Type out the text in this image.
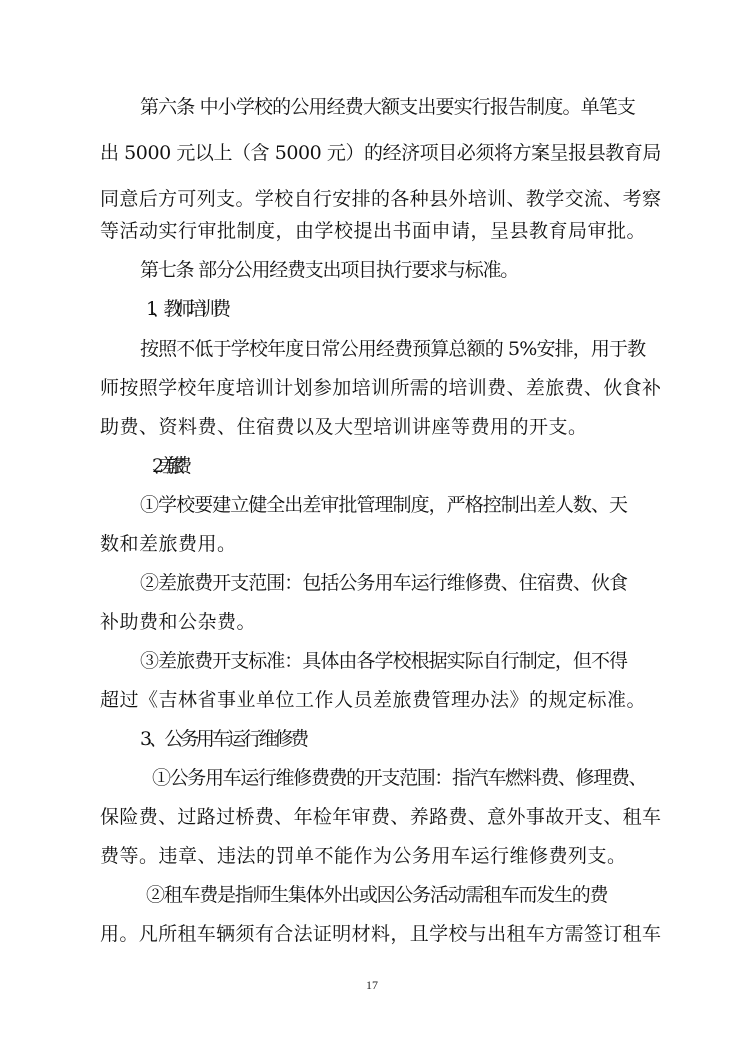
第六条 中小学校的公用经费大额支出要实行报告制度。单笔支
出 5000 元以上（含 5000 元）的经济项目必须将方案呈报县教育局
同意后方可列支。学校自行安排的各种县外培训、教学交流、考察
等活动实行审批制度，由学校提出书面申请，呈县教育局审批。
第七条 部分公用经费支出项目执行要求与标准。
1、教师培训费
按照不低于学校年度日常公用经费预算总额的 5%安排，用于教
师按照学校年度培训计划参加培训所需的培训费、差旅费、伙食补
助费、资料费、住宿费以及大型培训讲座等费用的开支。
2、差旅费
①学校要建立健全出差审批管理制度，严格控制出差人数、天
数和差旅费用。
②差旅费开支范围：包括公务用车运行维修费、住宿费、伙食
补助费和公杂费。
③差旅费开支标准：具体由各学校根据实际自行制定，但不得
超过《吉林省事业单位工作人员差旅费管理办法》的规定标准。
3、公务用车运行维修费
①公务用车运行维修费费的开支范围：指汽车燃料费、修理费、
保险费、过路过桥费、年检年审费、养路费、意外事故开支、租车
费等。违章、违法的罚单不能作为公务用车运行维修费列支。
②租车费是指师生集体外出或因公务活动需租车而发生的费
用。凡所租车辆须有合法证明材料，且学校与出租车方需签订租车
17
